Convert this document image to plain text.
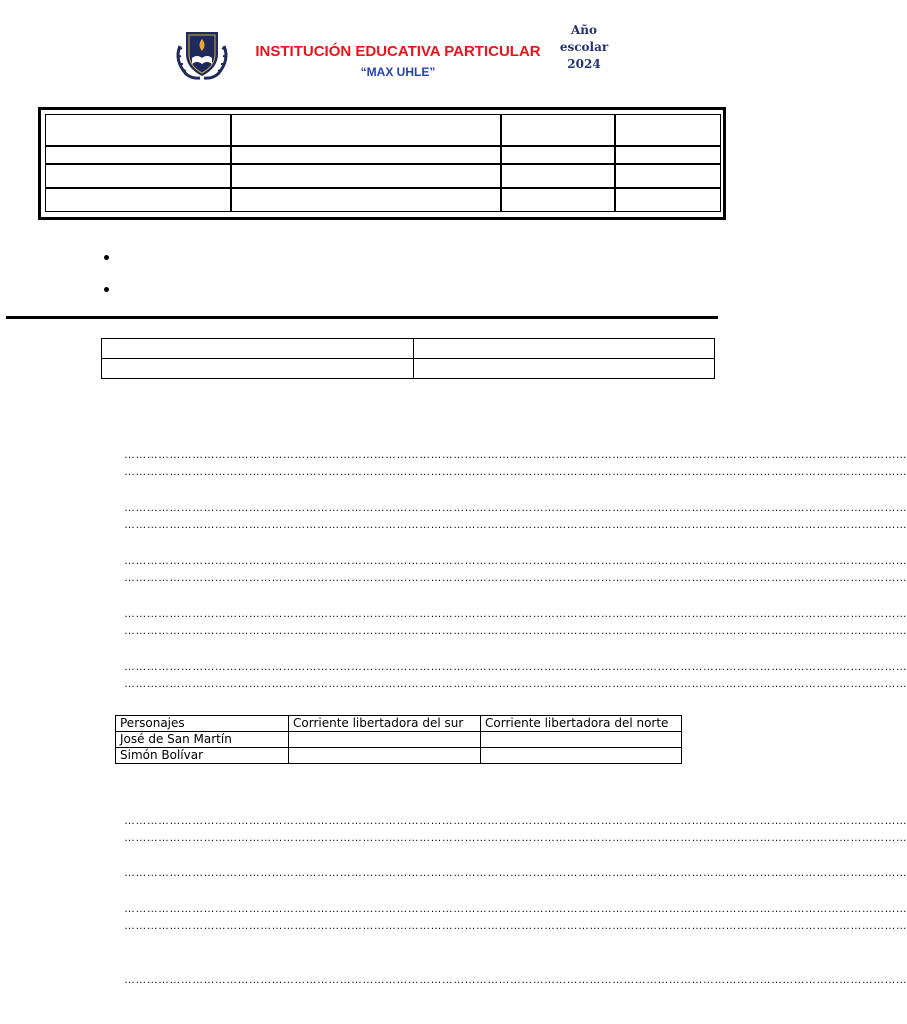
INSTITUCIÓN EDUCATIVA PARTICULAR
“MAX UHLE”
Año
escolar
2024

………………………………………………………………………………………………………………………………………………………………………………………
………………………………………………………………………………………………………………………………………………………………………………………
………………………………………………………………………………………………………………………………………………………………………………………
………………………………………………………………………………………………………………………………………………………………………………………
………………………………………………………………………………………………………………………………………………………………………………………
………………………………………………………………………………………………………………………………………………………………………………………
………………………………………………………………………………………………………………………………………………………………………………………
………………………………………………………………………………………………………………………………………………………………………………………
………………………………………………………………………………………………………………………………………………………………………………………
………………………………………………………………………………………………………………………………………………………………………………………
Personajes	Corriente libertadora del sur	Corriente libertadora del norte
José de San Martín		
Simón Bolívar		
………………………………………………………………………………………………………………………………………………………………………………………
………………………………………………………………………………………………………………………………………………………………………………………
………………………………………………………………………………………………………………………………………………………………………………………
………………………………………………………………………………………………………………………………………………………………………………………
………………………………………………………………………………………………………………………………………………………………………………………
………………………………………………………………………………………………………………………………………………………………………………………
